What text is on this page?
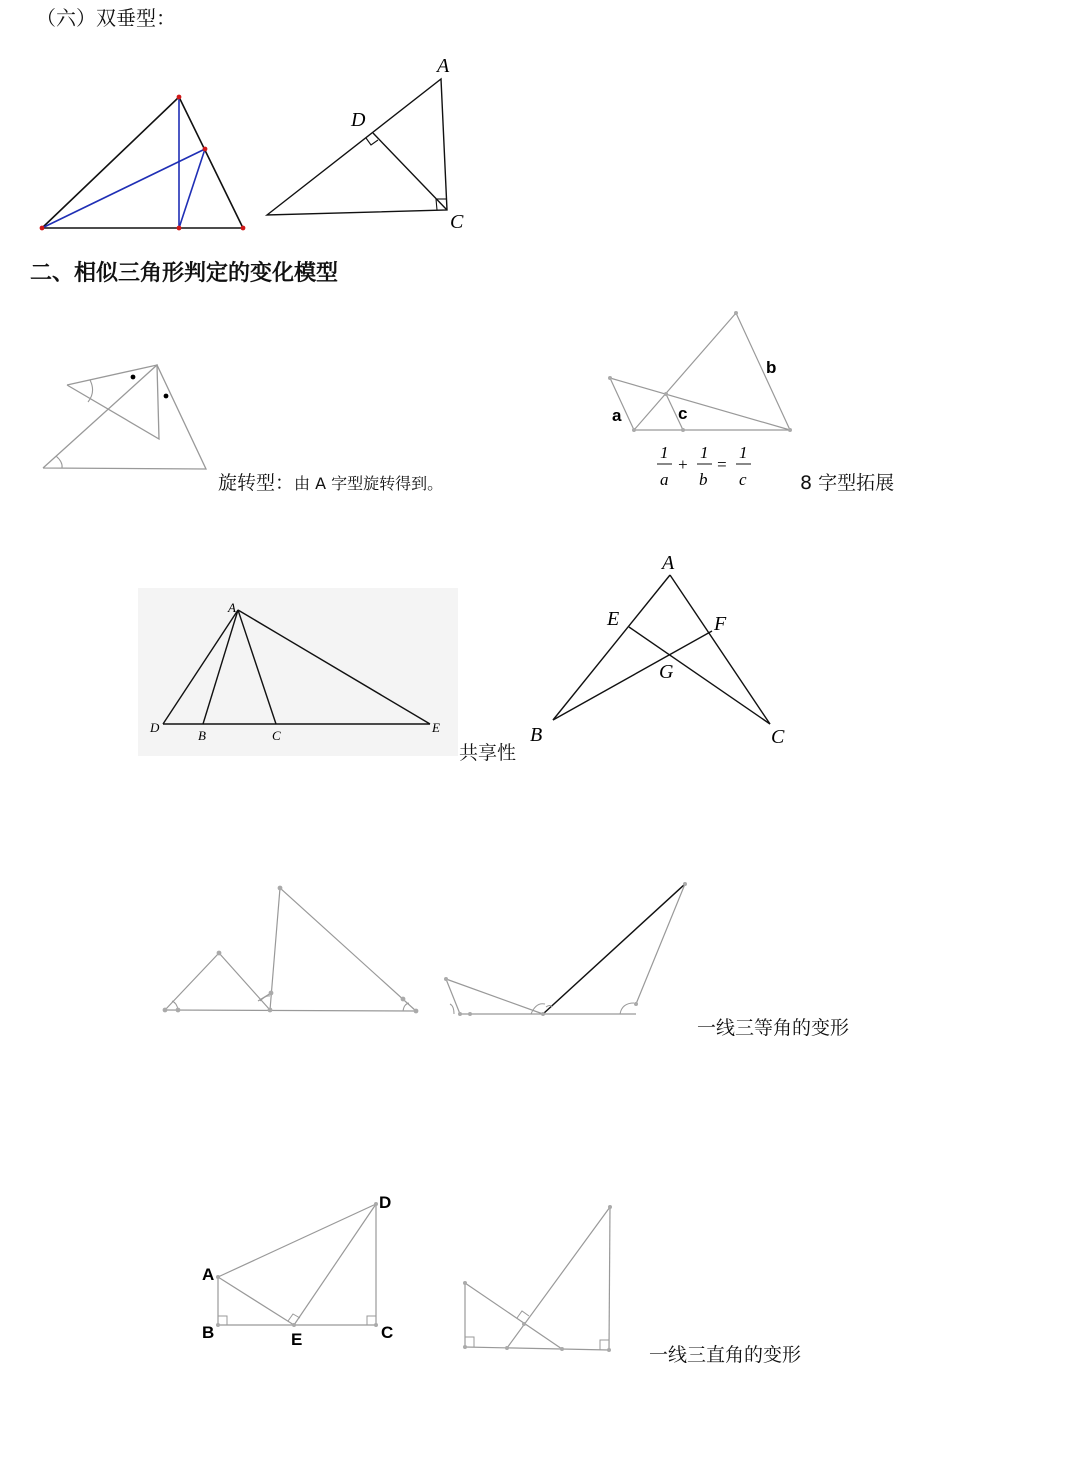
（六）双垂型：
二、相似三角形判定的变化模型
旋转型：由 A 字型旋转得到。	8 字型拓展
共享性
一线三等角的变形
一线三直角的变形
A
D
C
a	c
b
1
a
+
1
b
=
1
c
A
D
B	C
E
A
E	F
G
B	C
A
B	E	C
D
